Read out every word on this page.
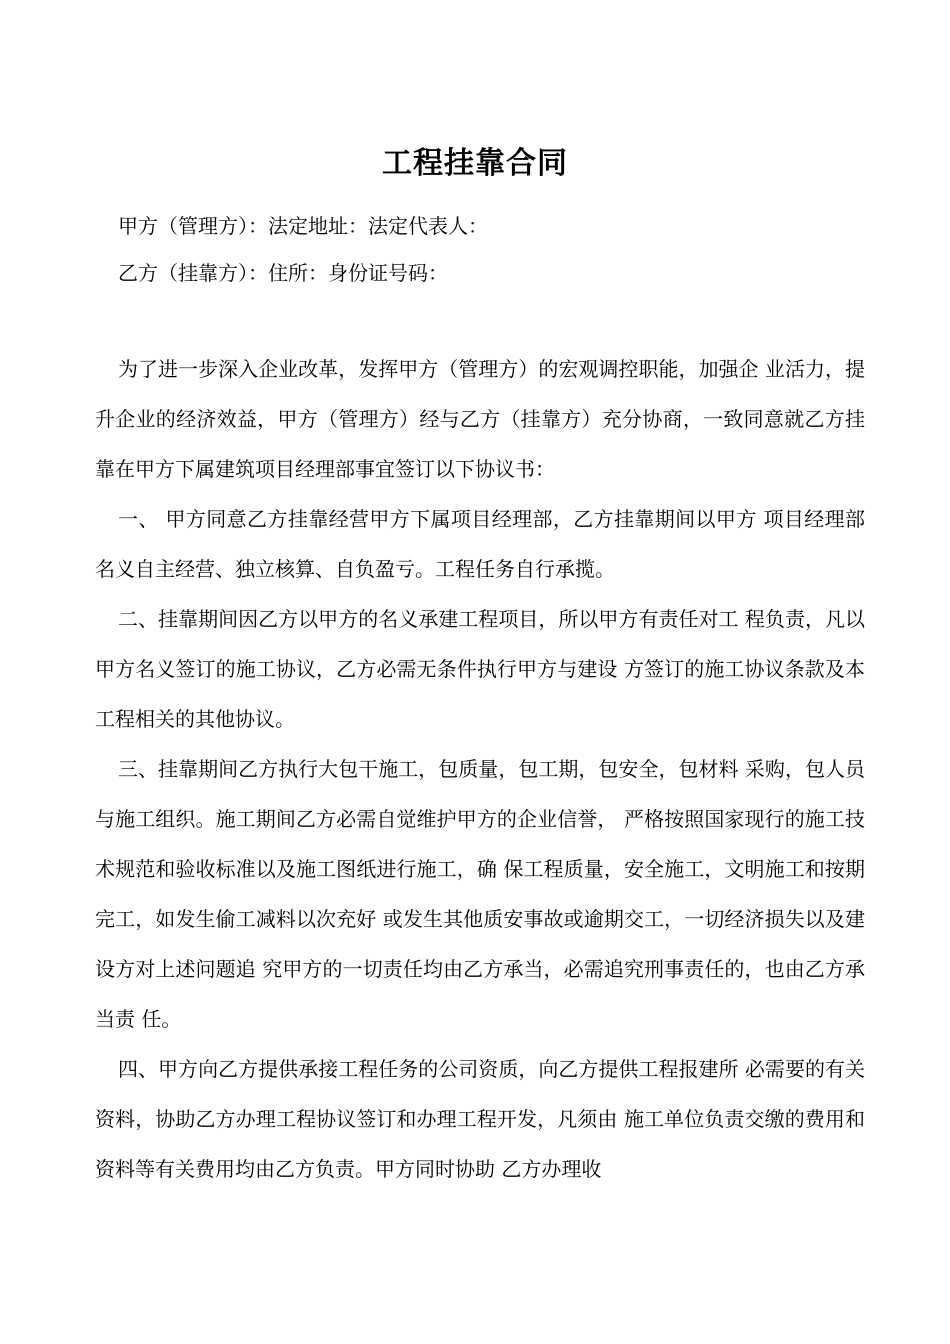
工程挂靠合同
甲方（管理方）：法定地址：法定代表人：
乙方（挂靠方）：住所：身份证号码：

为了进一步深入企业改革，发挥甲方（管理方）的宏观调控职能，加强企 业活力，提升企业的经济效益，甲方（管理方）经与乙方（挂靠方）充分协商，一致同意就乙方挂靠在甲方下属建筑项目经理部事宜签订以下协议书：

一、 甲方同意乙方挂靠经营甲方下属项目经理部，乙方挂靠期间以甲方 项目经理部名义自主经营、独立核算、自负盈亏。工程任务自行承揽。

二、挂靠期间因乙方以甲方的名义承建工程项目，所以甲方有责任对工 程负责，凡以甲方名义签订的施工协议，乙方必需无条件执行甲方与建设 方签订的施工协议条款及本工程相关的其他协议。

三、挂靠期间乙方执行大包干施工，包质量，包工期，包安全，包材料 采购，包人员与施工组织。施工期间乙方必需自觉维护甲方的企业信誉， 严格按照国家现行的施工技术规范和验收标准以及施工图纸进行施工，确 保工程质量，安全施工，文明施工和按期完工，如发生偷工减料以次充好 或发生其他质安事故或逾期交工，一切经济损失以及建设方对上述问题追 究甲方的一切责任均由乙方承当，必需追究刑事责任的，也由乙方承当责 任。

四、甲方向乙方提供承接工程任务的公司资质，向乙方提供工程报建所 必需要的有关资料，协助乙方办理工程协议签订和办理工程开发，凡须由 施工单位负责交缴的费用和资料等有关费用均由乙方负责。甲方同时协助 乙方办理收
